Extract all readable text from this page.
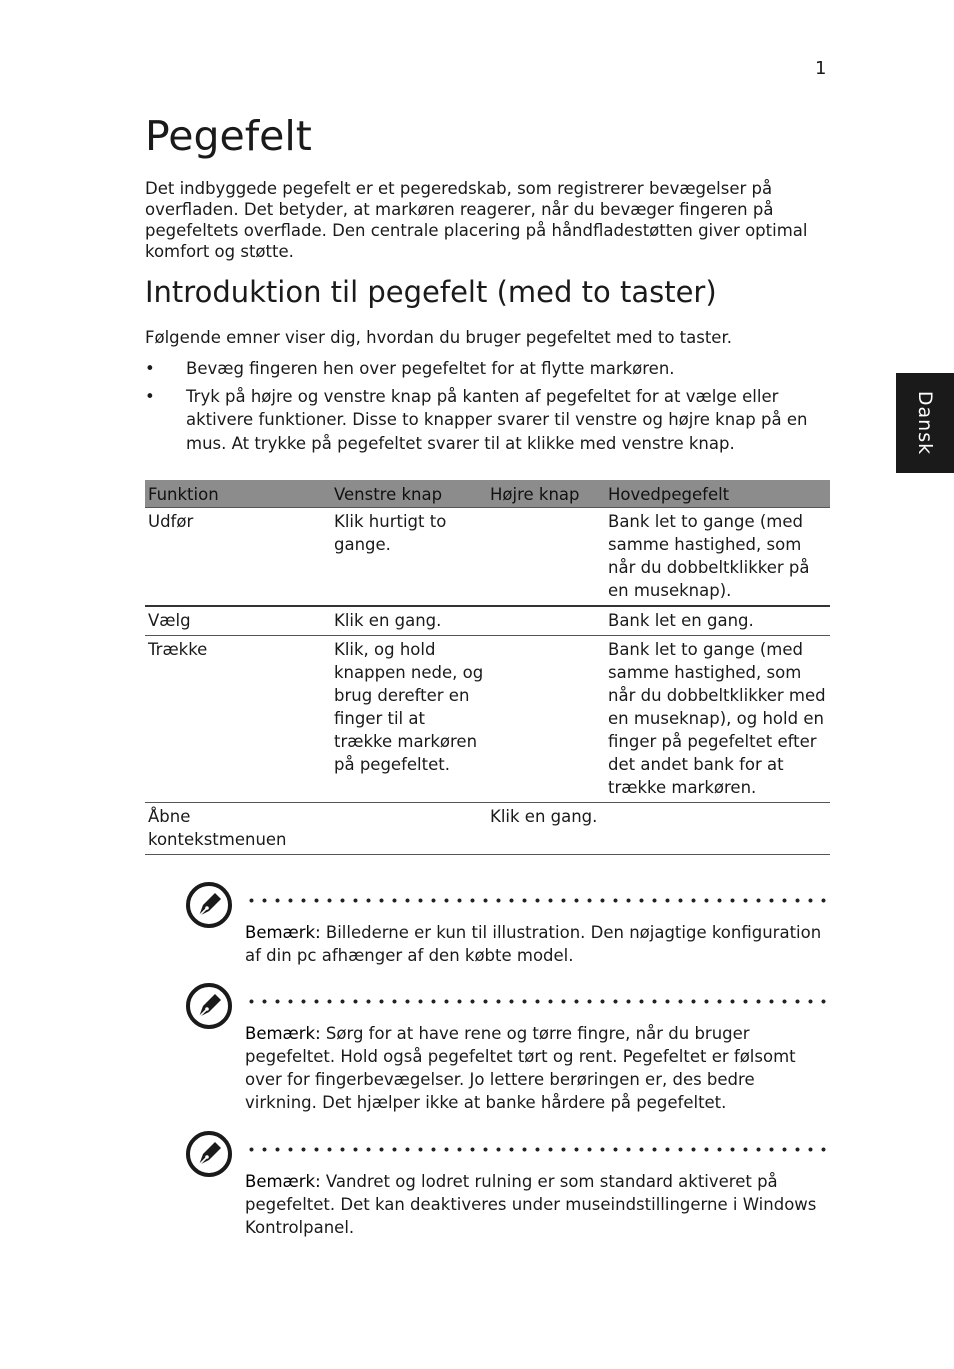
1
Dansk
Pegefelt

Det indbyggede pegefelt er et pegeredskab, som registrerer bevægelser på overfladen. Det betyder, at markøren reagerer, når du bevæger fingeren på pegefeltets overflade. Den centrale placering på håndfladestøtten giver optimal komfort og støtte.

Introduktion til pegefelt (med to taster)

Følgende emner viser dig, hvordan du bruger pegefeltet med to taster.

• Bevæg fingeren hen over pegefeltet for at flytte markøren.
• Tryk på højre og venstre knap på kanten af pegefeltet for at vælge eller aktivere funktioner. Disse to knapper svarer til venstre og højre knap på en mus. At trykke på pegefeltet svarer til at klikke med venstre knap.
Funktion	Venstre knap	Højre knap	Hovedpegefelt
Udfør	Klik hurtigt to gange.		Bank let to gange (med samme hastighed, som når du dobbeltklikker på en museknap).
Vælg	Klik en gang.		Bank let en gang.
Trække	Klik, og hold knappen nede, og brug derefter en finger til at trække markøren på pegefeltet.		Bank let to gange (med samme hastighed, som når du dobbeltklikker med en museknap), og hold en finger på pegefeltet efter det andet bank for at trække markøren.
Åbne kontekstmenuen		Klik en gang.	

Bemærk: Billederne er kun til illustration. Den nøjagtige konfiguration af din pc afhænger af den købte model.

Bemærk: Sørg for at have rene og tørre fingre, når du bruger pegefeltet. Hold også pegefeltet tørt og rent. Pegefeltet er følsomt over for fingerbevægelser. Jo lettere berøringen er, des bedre virkning. Det hjælper ikke at banke hårdere på pegefeltet.

Bemærk: Vandret og lodret rulning er som standard aktiveret på pegefeltet. Det kan deaktiveres under museindstillingerne i Windows Kontrolpanel.
